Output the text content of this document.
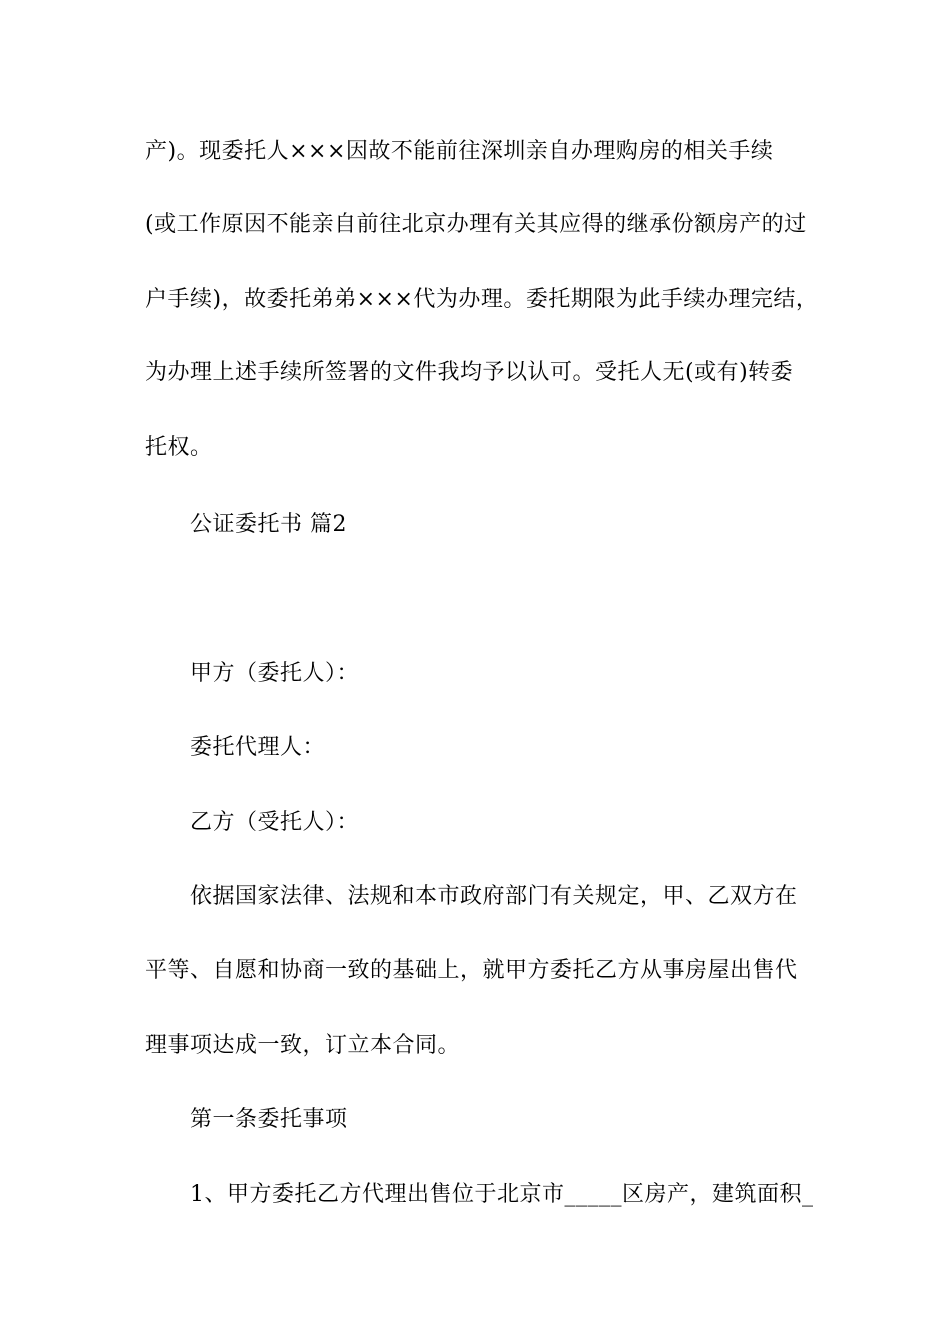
产)。现委托人×××因故不能前往深圳亲自办理购房的相关手续
(或工作原因不能亲自前往北京办理有关其应得的继承份额房产的过
户手续)，故委托弟弟×××代为办理。委托期限为此手续办理完结，
为办理上述手续所签署的文件我均予以认可。受托人无(或有)转委
托权。
公证委托书 篇2
甲方（委托人）：
委托代理人：
乙方（受托人）：
依据国家法律、法规和本市政府部门有关规定，甲、乙双方在
平等、自愿和协商一致的基础上，就甲方委托乙方从事房屋出售代
理事项达成一致，订立本合同。
第一条委托事项
1、甲方委托乙方代理出售位于北京市_____区房产，建筑面积_
